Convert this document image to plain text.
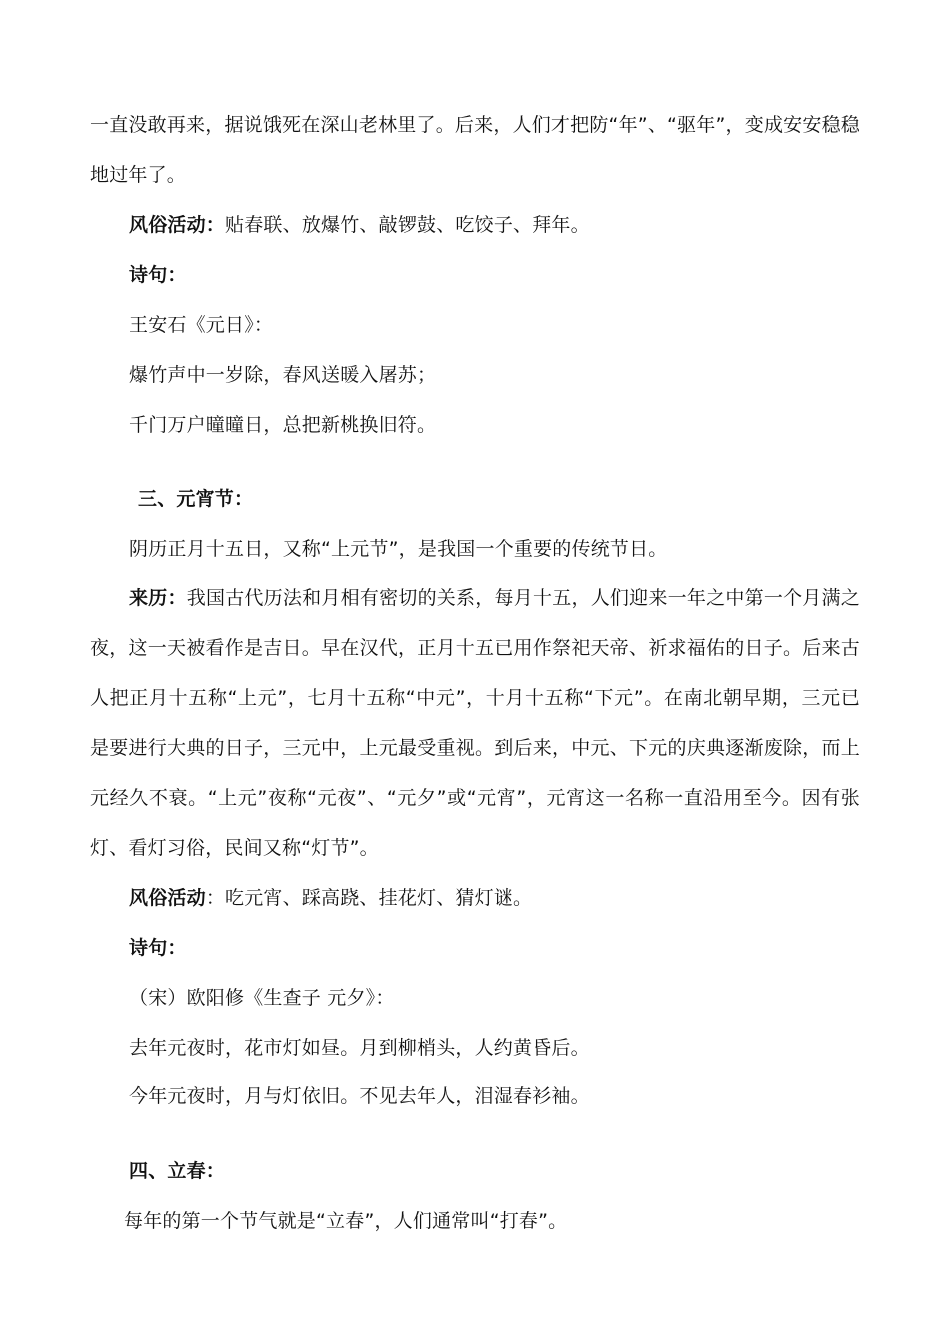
一直没敢再来，据说饿死在深山老林里了。后来，人们才把防“年”、“驱年”，变成安安稳稳地过年了。
风俗活动：贴春联、放爆竹、敲锣鼓、吃饺子、拜年。
诗句：
王安石《元日》：
爆竹声中一岁除，春风送暖入屠苏；
千门万户曈曈日，总把新桃换旧符。
三、元宵节：
阴历正月十五日，又称“上元节”，是我国一个重要的传统节日。
来历：我国古代历法和月相有密切的关系，每月十五，人们迎来一年之中第一个月满之夜，这一天被看作是吉日。早在汉代，正月十五已用作祭祀天帝、祈求福佑的日子。后来古人把正月十五称“上元”，七月十五称“中元”，十月十五称“下元”。在南北朝早期，三元已是要进行大典的日子，三元中，上元最受重视。到后来，中元、下元的庆典逐渐废除，而上元经久不衰。“上元”夜称“元夜”、“元夕”或“元宵”，元宵这一名称一直沿用至今。因有张灯、看灯习俗，民间又称“灯节”。
风俗活动：吃元宵、踩高跷、挂花灯、猜灯谜。
诗句：
（宋）欧阳修《生查子 元夕》：
去年元夜时，花市灯如昼。月到柳梢头，人约黄昏后。
今年元夜时，月与灯依旧。不见去年人，泪湿春衫袖。
四、立春：
每年的第一个节气就是“立春”，人们通常叫“打春”。
